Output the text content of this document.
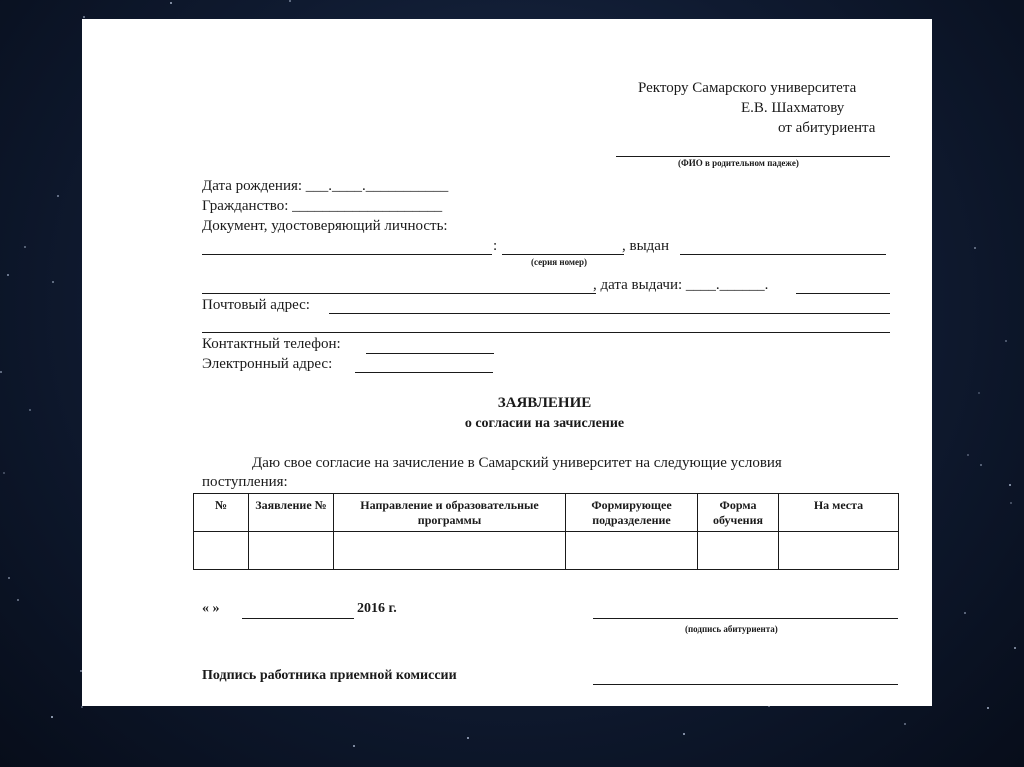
Ректору Самарского университета
Е.В. Шахматову
от абитуриента
(ФИО в родительном падеже)
Дата рождения: ___.____.___________
Гражданство: ____________________
Документ, удостоверяющий личность:
:	, выдан
(серия номер)
, дата выдачи: ____.______.
Почтовый адрес:
Контактный телефон:
Электронный адрес:
ЗАЯВЛЕНИЕ
о согласии на зачисление
Даю свое согласие на зачисление в Самарский университет на следующие условия
поступления:
№	Заявление №	Направление и образовательные программы	Формирующее подразделение	Форма обучения	На места

« »	2016 г.
(подпись абитуриента)
Подпись работника приемной комиссии
